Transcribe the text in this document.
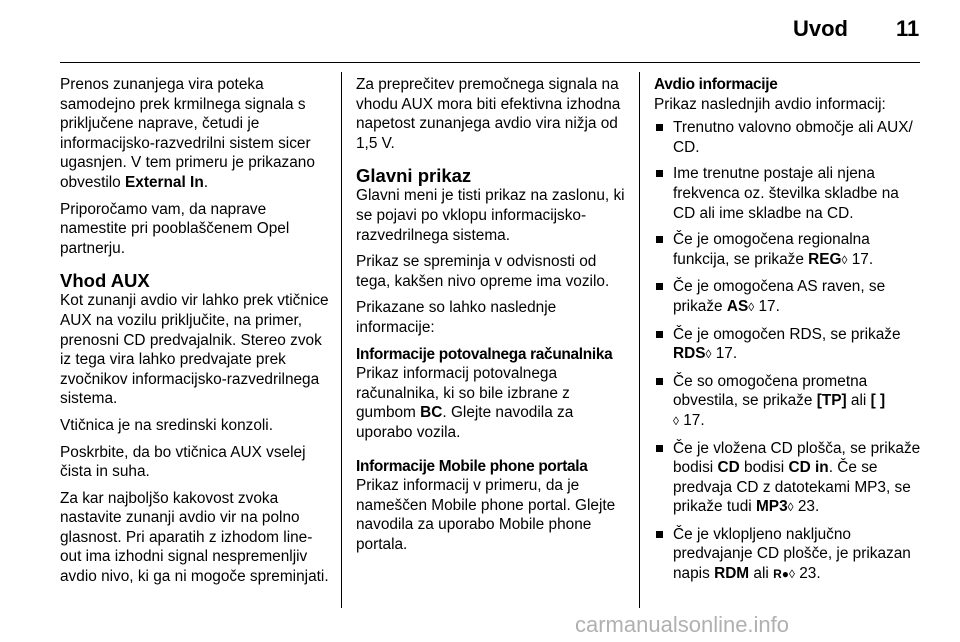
Uvod 11

Prenos zunanjega vira poteka samodejno prek krmilnega signala s priključene naprave, četudi je informacijsko-razvedrilni sistem sicer ugasnjen. V tem primeru je prikazano obvestilo External In.

Priporočamo vam, da naprave namestite pri pooblaščenem Opel partnerju.

Vhod AUX

Kot zunanji avdio vir lahko prek vtičnice AUX na vozilu priključite, na primer, prenosni CD predvajalnik. Stereo zvok iz tega vira lahko predvajate prek zvočnikov informacijsko-razvedrilnega sistema.

Vtičnica je na sredinski konzoli.

Poskrbite, da bo vtičnica AUX vselej čista in suha.

Za kar najboljšo kakovost zvoka nastavite zunanji avdio vir na polno glasnost. Pri aparatih z izhodom line-out ima izhodni signal nespremenljiv avdio nivo, ki ga ni mogoče spreminjati.

Za preprečitev premočnega signala na vhodu AUX mora biti efektivna izhodna napetost zunanjega avdio vira nižja od 1,5 V.

Glavni prikaz

Glavni meni je tisti prikaz na zaslonu, ki se pojavi po vklopu informacijsko-razvedrilnega sistema.

Prikaz se spreminja v odvisnosti od tega, kakšen nivo opreme ima vozilo.

Prikazane so lahko naslednje informacije:

Informacije potovalnega računalnika
Prikaz informacij potovalnega računalnika, ki so bile izbrane z gumbom BC. Glejte navodila za uporabo vozila.

Informacije Mobile phone portala
Prikaz informacij v primeru, da je nameščen Mobile phone portal. Glejte navodila za uporabo Mobile phone portala.

Avdio informacije

Prikaz naslednjih avdio informacij:

Trenutno valovno območje ali AUX/ CD.
Ime trenutne postaje ali njena frekvenca oz. številka skladbe na CD ali ime skladbe na CD.
Če je omogočena regionalna funkcija, se prikaže REG◊ 17.
Če je omogočena AS raven, se prikaže AS◊ 17.
Če je omogočen RDS, se prikaže RDS◊ 17.
Če so omogočena prometna obvestila, se prikaže [TP] ali [ ]
◊ 17.
Če je vložena CD plošča, se prikaže bodisi CD bodisi CD in. Če se predvaja CD z datotekami MP3, se prikaže tudi MP3◊ 23.
Če je vklopljeno naključno predvajanje CD plošče, je prikazan napis RDM ali R●◊ 23.
carmanualsonline.info
